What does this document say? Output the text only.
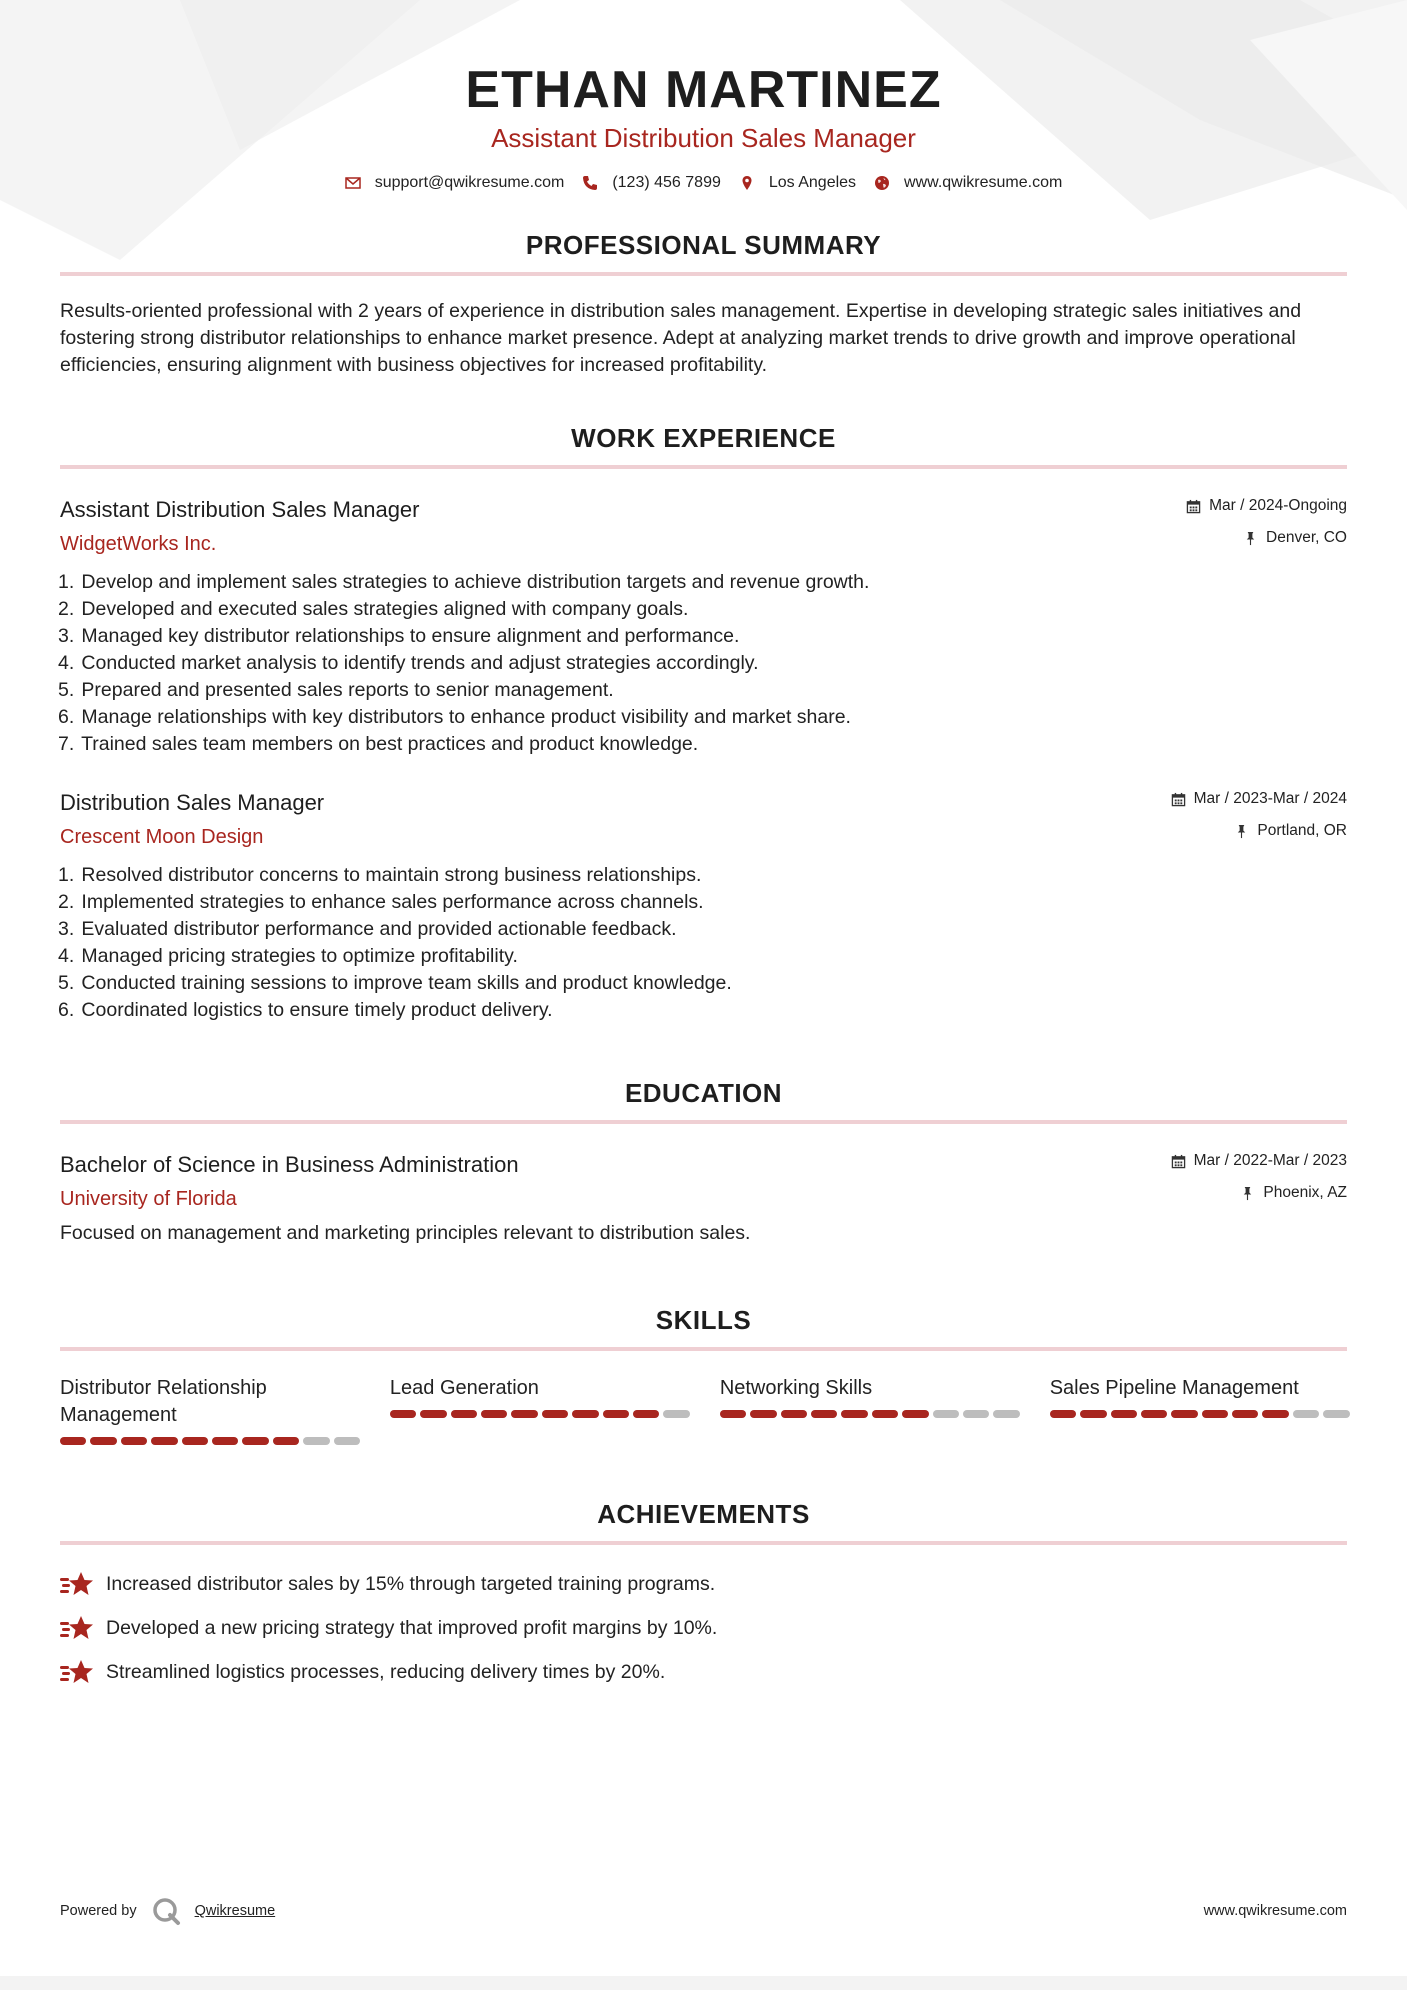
ETHAN MARTINEZ
Assistant Distribution Sales Manager
support@qwikresume.com	(123) 456 7899	Los Angeles	www.qwikresume.com
PROFESSIONAL SUMMARY

Results-oriented professional with 2 years of experience in distribution sales management. Expertise in developing strategic sales initiatives and fostering strong distributor relationships to enhance market presence. Adept at analyzing market trends to drive growth and improve operational efficiencies, ensuring alignment with business objectives for increased profitability.

WORK EXPERIENCE
Assistant Distribution Sales Manager
WidgetWorks Inc.
Mar / 2024-Ongoing
Denver, CO
1. Develop and implement sales strategies to achieve distribution targets and revenue growth.
2. Developed and executed sales strategies aligned with company goals.
3. Managed key distributor relationships to ensure alignment and performance.
4. Conducted market analysis to identify trends and adjust strategies accordingly.
5. Prepared and presented sales reports to senior management.
6. Manage relationships with key distributors to enhance product visibility and market share.
7. Trained sales team members on best practices and product knowledge.
Distribution Sales Manager
Crescent Moon Design
Mar / 2023-Mar / 2024
Portland, OR
1. Resolved distributor concerns to maintain strong business relationships.
2. Implemented strategies to enhance sales performance across channels.
3. Evaluated distributor performance and provided actionable feedback.
4. Managed pricing strategies to optimize profitability.
5. Conducted training sessions to improve team skills and product knowledge.
6. Coordinated logistics to ensure timely product delivery.
EDUCATION
Bachelor of Science in Business Administration
University of Florida
Mar / 2022-Mar / 2023
Phoenix, AZ

Focused on management and marketing principles relevant to distribution sales.

SKILLS
Distributor Relationship Management
Lead Generation	Networking Skills	Sales Pipeline Management
ACHIEVEMENTS
Increased distributor sales by 15% through targeted training programs.
Developed a new pricing strategy that improved profit margins by 10%.
Streamlined logistics processes, reducing delivery times by 20%.
Powered by	Qwikresume	www.qwikresume.com
